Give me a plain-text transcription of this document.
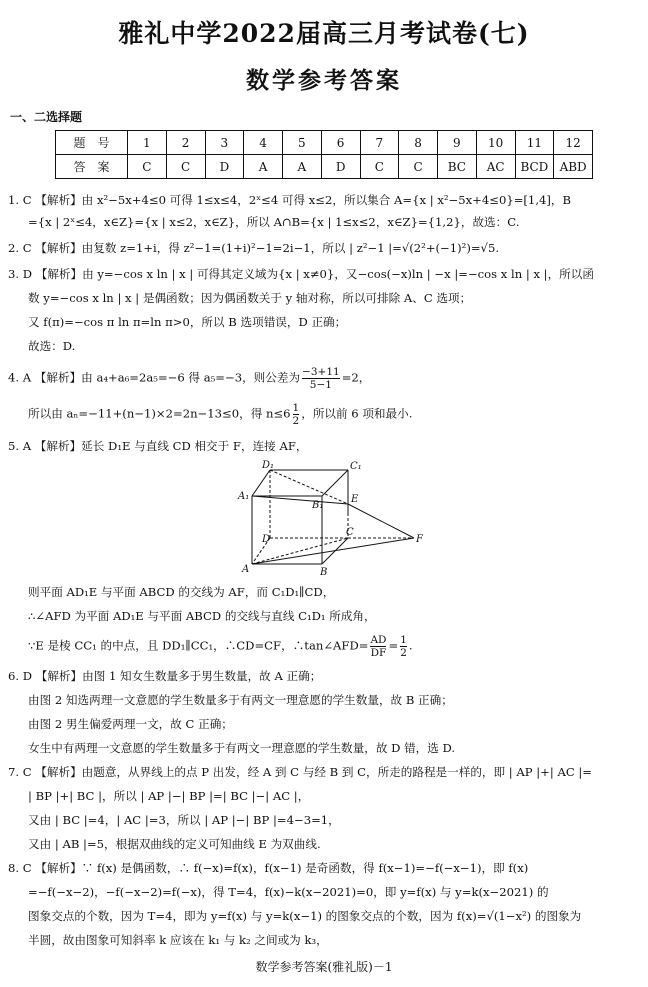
雅礼中学2022届高三月考试卷(七)
数学参考答案
一、二选择题
题　号	1	2	3	4	5	6	7	8	9	10	11	12
答　案	C	C	D	A	A	D	C	C	BC	AC	BCD	ABD
1. C 【解析】由 x²−5x+4≤0 可得 1≤x≤4，2ˣ≤4 可得 x≤2，所以集合 A={x | x²−5x+4≤0}=[1,4]，B
={x | 2ˣ≤4，x∈Z}={x | x≤2，x∈Z}，所以 A∩B={x | 1≤x≤2，x∈Z}={1,2}，故选：C.
2. C 【解析】由复数 z=1+i，得 z²−1=(1+i)²−1=2i−1，所以 | z²−1 |=√(2²+(−1)²)=√5.
3. D 【解析】由 y=−cos x ln | x | 可得其定义域为{x | x≠0}，又−cos(−x)ln | −x |=−cos x ln | x |，所以函
数 y=−cos x ln | x | 是偶函数；因为偶函数关于 y 轴对称，所以可排除 A、C 选项；
又 f(π)=−cos π ln π=ln π>0，所以 B 选项错误，D 正确；
故选：D.
4. A 【解析】由 a₄+a₆=2a₅=−6 得 a₅=−3，则公差为 $\frac{-3+11}{5-1} =2$，
所以由 aₙ=−11+(n−1)×2=2n−13≤0，得 $n\le 6 \frac{1}{2}$ ，所以前 6 项和最小.
5. A 【解析】延长 D₁E 与直线 CD 相交于 F，连接 AF，
D₁	C₁
A₁
B₁
E
D
C
A	B
F
则平面 AD₁E 与平面 ABCD 的交线为 AF，而 C₁D₁∥CD，
∴∠AFD 为平面 AD₁E 与平面 ABCD 的交线与直线 C₁D₁ 所成角，
∵E 是棱 CC₁ 的中点，且 DD₁∥CC₁，∴CD=CF，∴tan∠AFD= $\frac{AD}{DF} = \frac{1}{2}$ .
6. D 【解析】由图 1 知女生数量多于男生数量，故 A 正确；
由图 2 知选两理一文意愿的学生数量多于有两文一理意愿的学生数量，故 B 正确；
由图 2 男生偏爱两理一文，故 C 正确；
女生中有两理一文意愿的学生数量多于有两文一理意愿的学生数量，故 D 错，选 D.
7. C 【解析】由题意，从界线上的点 P 出发，经 A 到 C 与经 B 到 C，所走的路程是一样的，即 | AP |+| AC |=
| BP |+| BC |，所以 | AP |−| BP |=| BC |−| AC |，
又由 | BC |=4，| AC |=3，所以 | AP |−| BP |=4−3=1，
又由 | AB |=5，根据双曲线的定义可知曲线 E 为双曲线.
8. C 【解析】∵ f(x) 是偶函数，∴ f(−x)=f(x)，f(x−1) 是奇函数，得 f(x−1)=−f(−x−1)，即 f(x)
=−f(−x−2)，−f(−x−2)=f(−x)，得 T=4，f(x)−k(x−2021)=0，即 y=f(x) 与 y=k(x−2021) 的
图象交点的个数，因为 T=4，即为 y=f(x) 与 y=k(x−1) 的图象交点的个数，因为 f(x)=√(1−x²) 的图象为
半圆，故由图象可知斜率 k 应该在 k₁ 与 k₂ 之间或为 k₃，
数学参考答案(雅礼版)－1
